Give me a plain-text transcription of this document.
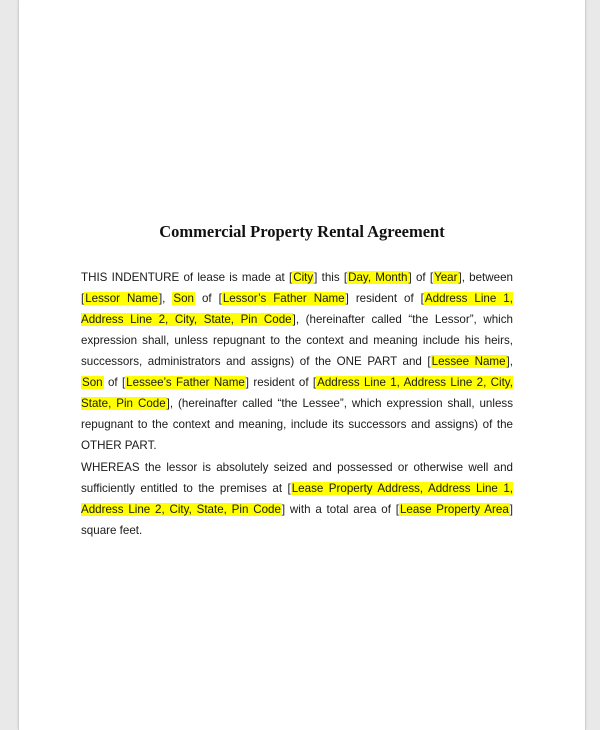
Commercial Property Rental Agreement

THIS INDENTURE of lease is made at [City] this [Day, Month] of [Year], between [Lessor Name], Son of [Lessor’s Father Name] resident of [Address Line 1, Address Line 2, City, State, Pin Code], (hereinafter called “the Lessor”, which expression shall, unless repugnant to the context and meaning include his heirs, successors, administrators and assigns) of the ONE PART and [Lessee Name], Son of [Lessee’s Father Name] resident of [Address Line 1, Address Line 2, City, State, Pin Code], (hereinafter called “the Lessee”, which expression shall, unless repugnant to the context and meaning, include its successors and assigns) of the OTHER PART.

WHEREAS the lessor is absolutely seized and possessed or otherwise well and sufficiently entitled to the premises at [Lease Property Address, Address Line 1, Address Line 2, City, State, Pin Code] with a total area of [Lease Property Area] square feet.
